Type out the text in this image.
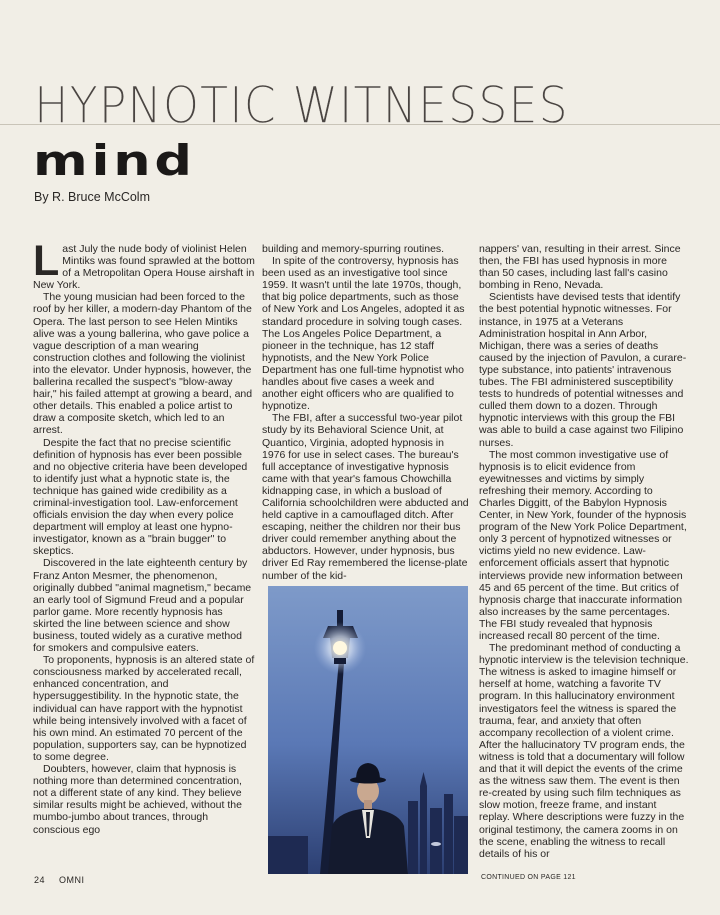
HYPNOTIC WITNESSES
mind
By R. Bruce McColm

Last July the nude body of violinist Helen Mintiks was found sprawled at the bottom of a Metropolitan Opera House airshaft in New York.

The young musician had been forced to the roof by her killer, a modern-day Phantom of the Opera. The last person to see Helen Mintiks alive was a young ballerina, who gave police a vague description of a man wearing construction clothes and following the violinist into the elevator. Under hypnosis, however, the ballerina recalled the suspect's "blow-away hair," his failed attempt at growing a beard, and other details. This enabled a police artist to draw a composite sketch, which led to an arrest.

Despite the fact that no precise scientific definition of hypnosis has ever been possible and no objective criteria have been developed to identify just what a hypnotic state is, the technique has gained wide credibility as a criminal-investigation tool. Law-enforcement officials envision the day when every police department will employ at least one hypno-investigator, known as a "brain bugger" to skeptics.

Discovered in the late eighteenth century by Franz Anton Mesmer, the phenomenon, originally dubbed "animal magnetism," became an early tool of Sigmund Freud and a popular parlor game. More recently hypnosis has skirted the line between science and show business, touted widely as a curative method for smokers and compulsive eaters.

To proponents, hypnosis is an altered state of consciousness marked by accelerated recall, enhanced concentration, and hypersuggestibility. In the hypnotic state, the individual can have rapport with the hypnotist while being intensively involved with a facet of his own mind. An estimated 70 percent of the population, supporters say, can be hypnotized to some degree.

Doubters, however, claim that hypnosis is nothing more than determined concentration, not a different state of any kind. They believe similar results might be achieved, without the mumbo-jumbo about trances, through conscious ego

building and memory-spurring routines.

In spite of the controversy, hypnosis has been used as an investigative tool since 1959. It wasn't until the late 1970s, though, that big police departments, such as those of New York and Los Angeles, adopted it as standard procedure in solving tough cases. The Los Angeles Police Department, a pioneer in the technique, has 12 staff hypnotists, and the New York Police Department has one full-time hypnotist who handles about five cases a week and another eight officers who are qualified to hypnotize.

The FBI, after a successful two-year pilot study by its Behavioral Science Unit, at Quantico, Virginia, adopted hypnosis in 1976 for use in select cases. The bureau's full acceptance of investigative hypnosis came with that year's famous Chowchilla kidnapping case, in which a busload of California schoolchildren were abducted and held captive in a camouflaged ditch. After escaping, neither the children nor their bus driver could remember anything about the abductors. However, under hypnosis, bus driver Ed Ray remembered the license-plate number of the kid-

nappers' van, resulting in their arrest. Since then, the FBI has used hypnosis in more than 50 cases, including last fall's casino bombing in Reno, Nevada.

Scientists have devised tests that identify the best potential hypnotic witnesses. For instance, in 1975 at a Veterans Administration hospital in Ann Arbor, Michigan, there was a series of deaths caused by the injection of Pavulon, a curare-type substance, into patients' intravenous tubes. The FBI administered susceptibility tests to hundreds of potential witnesses and culled them down to a dozen. Through hypnotic interviews with this group the FBI was able to build a case against two Filipino nurses.

The most common investigative use of hypnosis is to elicit evidence from eyewitnesses and victims by simply refreshing their memory. According to Charles Diggitt, of the Babylon Hypnosis Center, in New York, founder of the hypnosis program of the New York Police Department, only 3 percent of hypnotized witnesses or victims yield no new evidence. Law-enforcement officials assert that hypnotic interviews provide new information between 45 and 65 percent of the time. But critics of hypnosis charge that inaccurate information also increases by the same percentages. The FBI study revealed that hypnosis increased recall 80 percent of the time.

The predominant method of conducting a hypnotic interview is the television technique. The witness is asked to imagine himself or herself at home, watching a favorite TV program. In this hallucinatory environment investigators feel the witness is spared the trauma, fear, and anxiety that often accompany recollection of a violent crime. After the hallucinatory TV program ends, the witness is told that a documentary will follow and that it will depict the events of the crime as the witness saw them. The event is then re-created by using such film techniques as slow motion, freeze frame, and instant replay. Where descriptions were fuzzy in the original testimony, the camera zooms in on the scene, enabling the witness to recall details of his or

24 OMNI	CONTINUED ON PAGE 121
